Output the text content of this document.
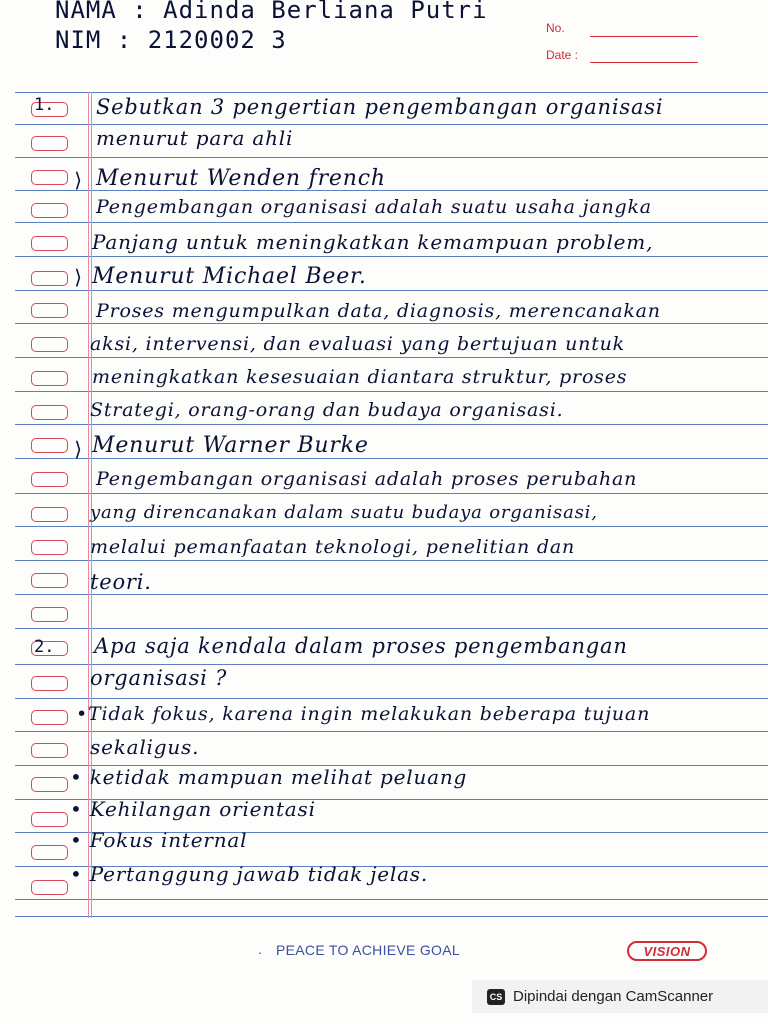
NAMA : Adinda Berliana Putri
NIM : 2120002 3	No.
Date :
1.
2.
⟩
⟩
⟩
Sebutkan 3 pengertian pengembangan organisasi
menurut para ahli
Menurut Wenden french
Pengembangan organisasi adalah suatu usaha jangka
Panjang untuk meningkatkan kemampuan problem,
Menurut Michael Beer.
Proses mengumpulkan data, diagnosis, merencanakan
aksi, intervensi, dan evaluasi yang bertujuan untuk
meningkatkan kesesuaian diantara struktur, proses
Strategi, orang-orang dan budaya organisasi.
Menurut Warner Burke
Pengembangan organisasi adalah proses perubahan
yang direncanakan dalam suatu budaya organisasi,
melalui pemanfaatan teknologi, penelitian dan
teori.
Apa saja kendala dalam proses pengembangan
organisasi ?
•Tidak fokus, karena ingin melakukan beberapa tujuan
sekaligus.
• ketidak mampuan melihat peluang
• Kehilangan orientasi
• Fokus internal
• Pertanggung jawab tidak jelas.
. PEACE TO ACHIEVE GOAL	VISION
CS Dipindai dengan CamScanner
